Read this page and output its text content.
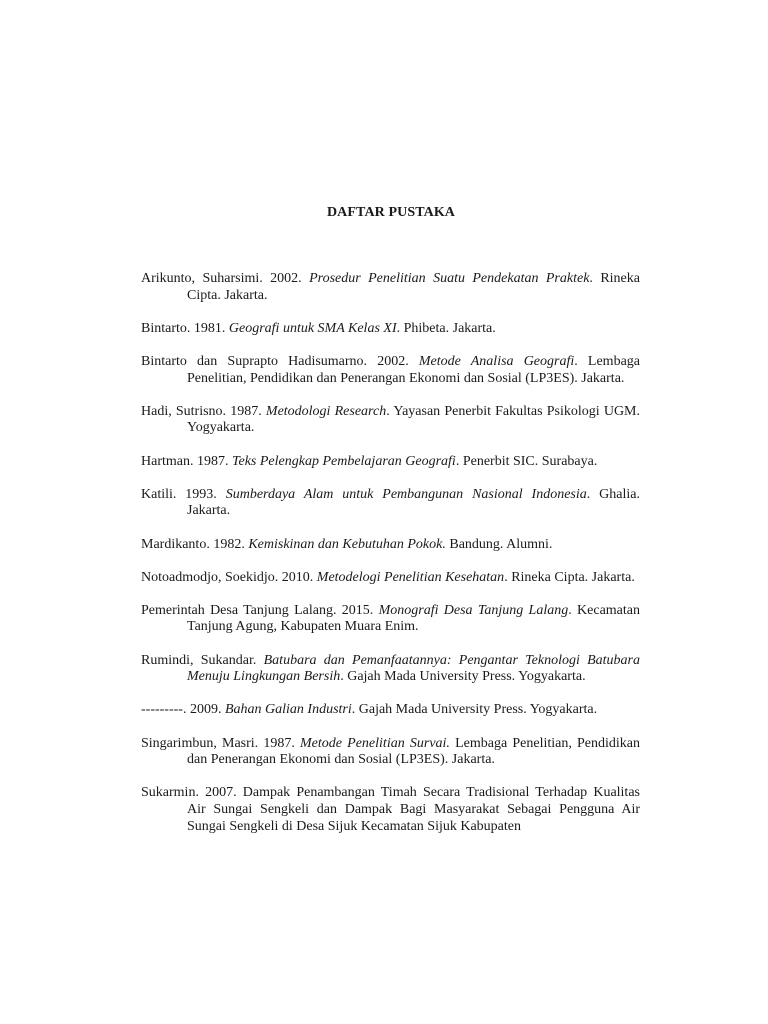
DAFTAR PUSTAKA

Arikunto, Suharsimi. 2002. Prosedur Penelitian Suatu Pendekatan Praktek. Rineka Cipta. Jakarta.

Bintarto. 1981. Geografi untuk SMA Kelas XI. Phibeta. Jakarta.

Bintarto dan Suprapto Hadisumarno. 2002. Metode Analisa Geografi. Lembaga Penelitian, Pendidikan dan Penerangan Ekonomi dan Sosial (LP3ES). Jakarta.

Hadi, Sutrisno. 1987. Metodologi Research. Yayasan Penerbit Fakultas Psikologi UGM. Yogyakarta.

Hartman. 1987. Teks Pelengkap Pembelajaran Geografi. Penerbit SIC. Surabaya.

Katili. 1993. Sumberdaya Alam untuk Pembangunan Nasional Indonesia. Ghalia. Jakarta.

Mardikanto. 1982. Kemiskinan dan Kebutuhan Pokok. Bandung. Alumni.

Notoadmodjo, Soekidjo. 2010. Metodelogi Penelitian Kesehatan. Rineka Cipta. Jakarta.

Pemerintah Desa Tanjung Lalang. 2015. Monografi Desa Tanjung Lalang. Kecamatan Tanjung Agung, Kabupaten Muara Enim.

Rumindi, Sukandar. Batubara dan Pemanfaatannya: Pengantar Teknologi Batubara Menuju Lingkungan Bersih. Gajah Mada University Press. Yogyakarta.

---------. 2009. Bahan Galian Industri. Gajah Mada University Press. Yogyakarta.

Singarimbun, Masri. 1987. Metode Penelitian Survai. Lembaga Penelitian, Pendidikan dan Penerangan Ekonomi dan Sosial (LP3ES). Jakarta.

Sukarmin. 2007. Dampak Penambangan Timah Secara Tradisional Terhadap Kualitas Air Sungai Sengkeli dan Dampak Bagi Masyarakat Sebagai Pengguna Air Sungai Sengkeli di Desa Sijuk Kecamatan Sijuk Kabupaten
